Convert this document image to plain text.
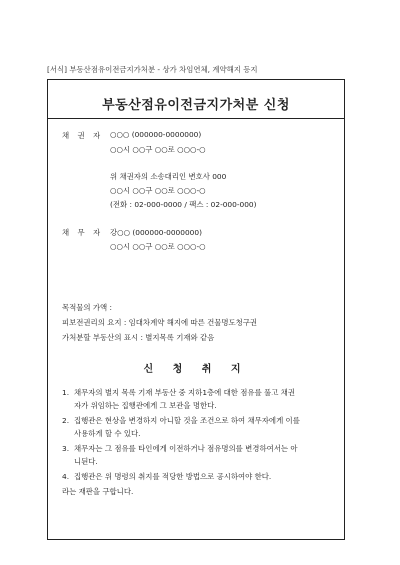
[서식] 부동산점유이전금지가처분 - 상가 차임연체, 계약해지 등지
부동산점유이전금지가처분 신청
채 권 자 ○○○ (000000-0000000)
○○시 ○○구 ○○로 ○○○-○
위 채권자의 소송대리인 변호사 000
○○시 ○○구 ○○로 ○○○-○
(전화 : 02-000-0000 / 팩스 : 02-000-000)
채 무 자 강○○ (000000-0000000)
○○시 ○○구 ○○로 ○○○-○
목적물의 가액 :
피보전권리의 요지 : 임대차계약 해지에 따른 건물명도청구권
가처분할 부동산의 표시 : 별지목록 기재와 같음
신 청 취 지
1. 채무자의 별지 목록 기재 부동산 중 지하1층에 대한 점유를 풀고 채권
자가 위임하는 집행관에게 그 보관을 명한다.
2. 집행관은 현상을 변경하지 아니할 것을 조건으로 하여 채무자에게 이를
사용하게 할 수 있다.
3. 채무자는 그 점유를 타인에게 이전하거나 점유명의를 변경하여서는 아
니된다.
4. 집행관은 위 명령의 취지를 적당한 방법으로 공시하여야 한다.
라는 재판을 구합니다.
